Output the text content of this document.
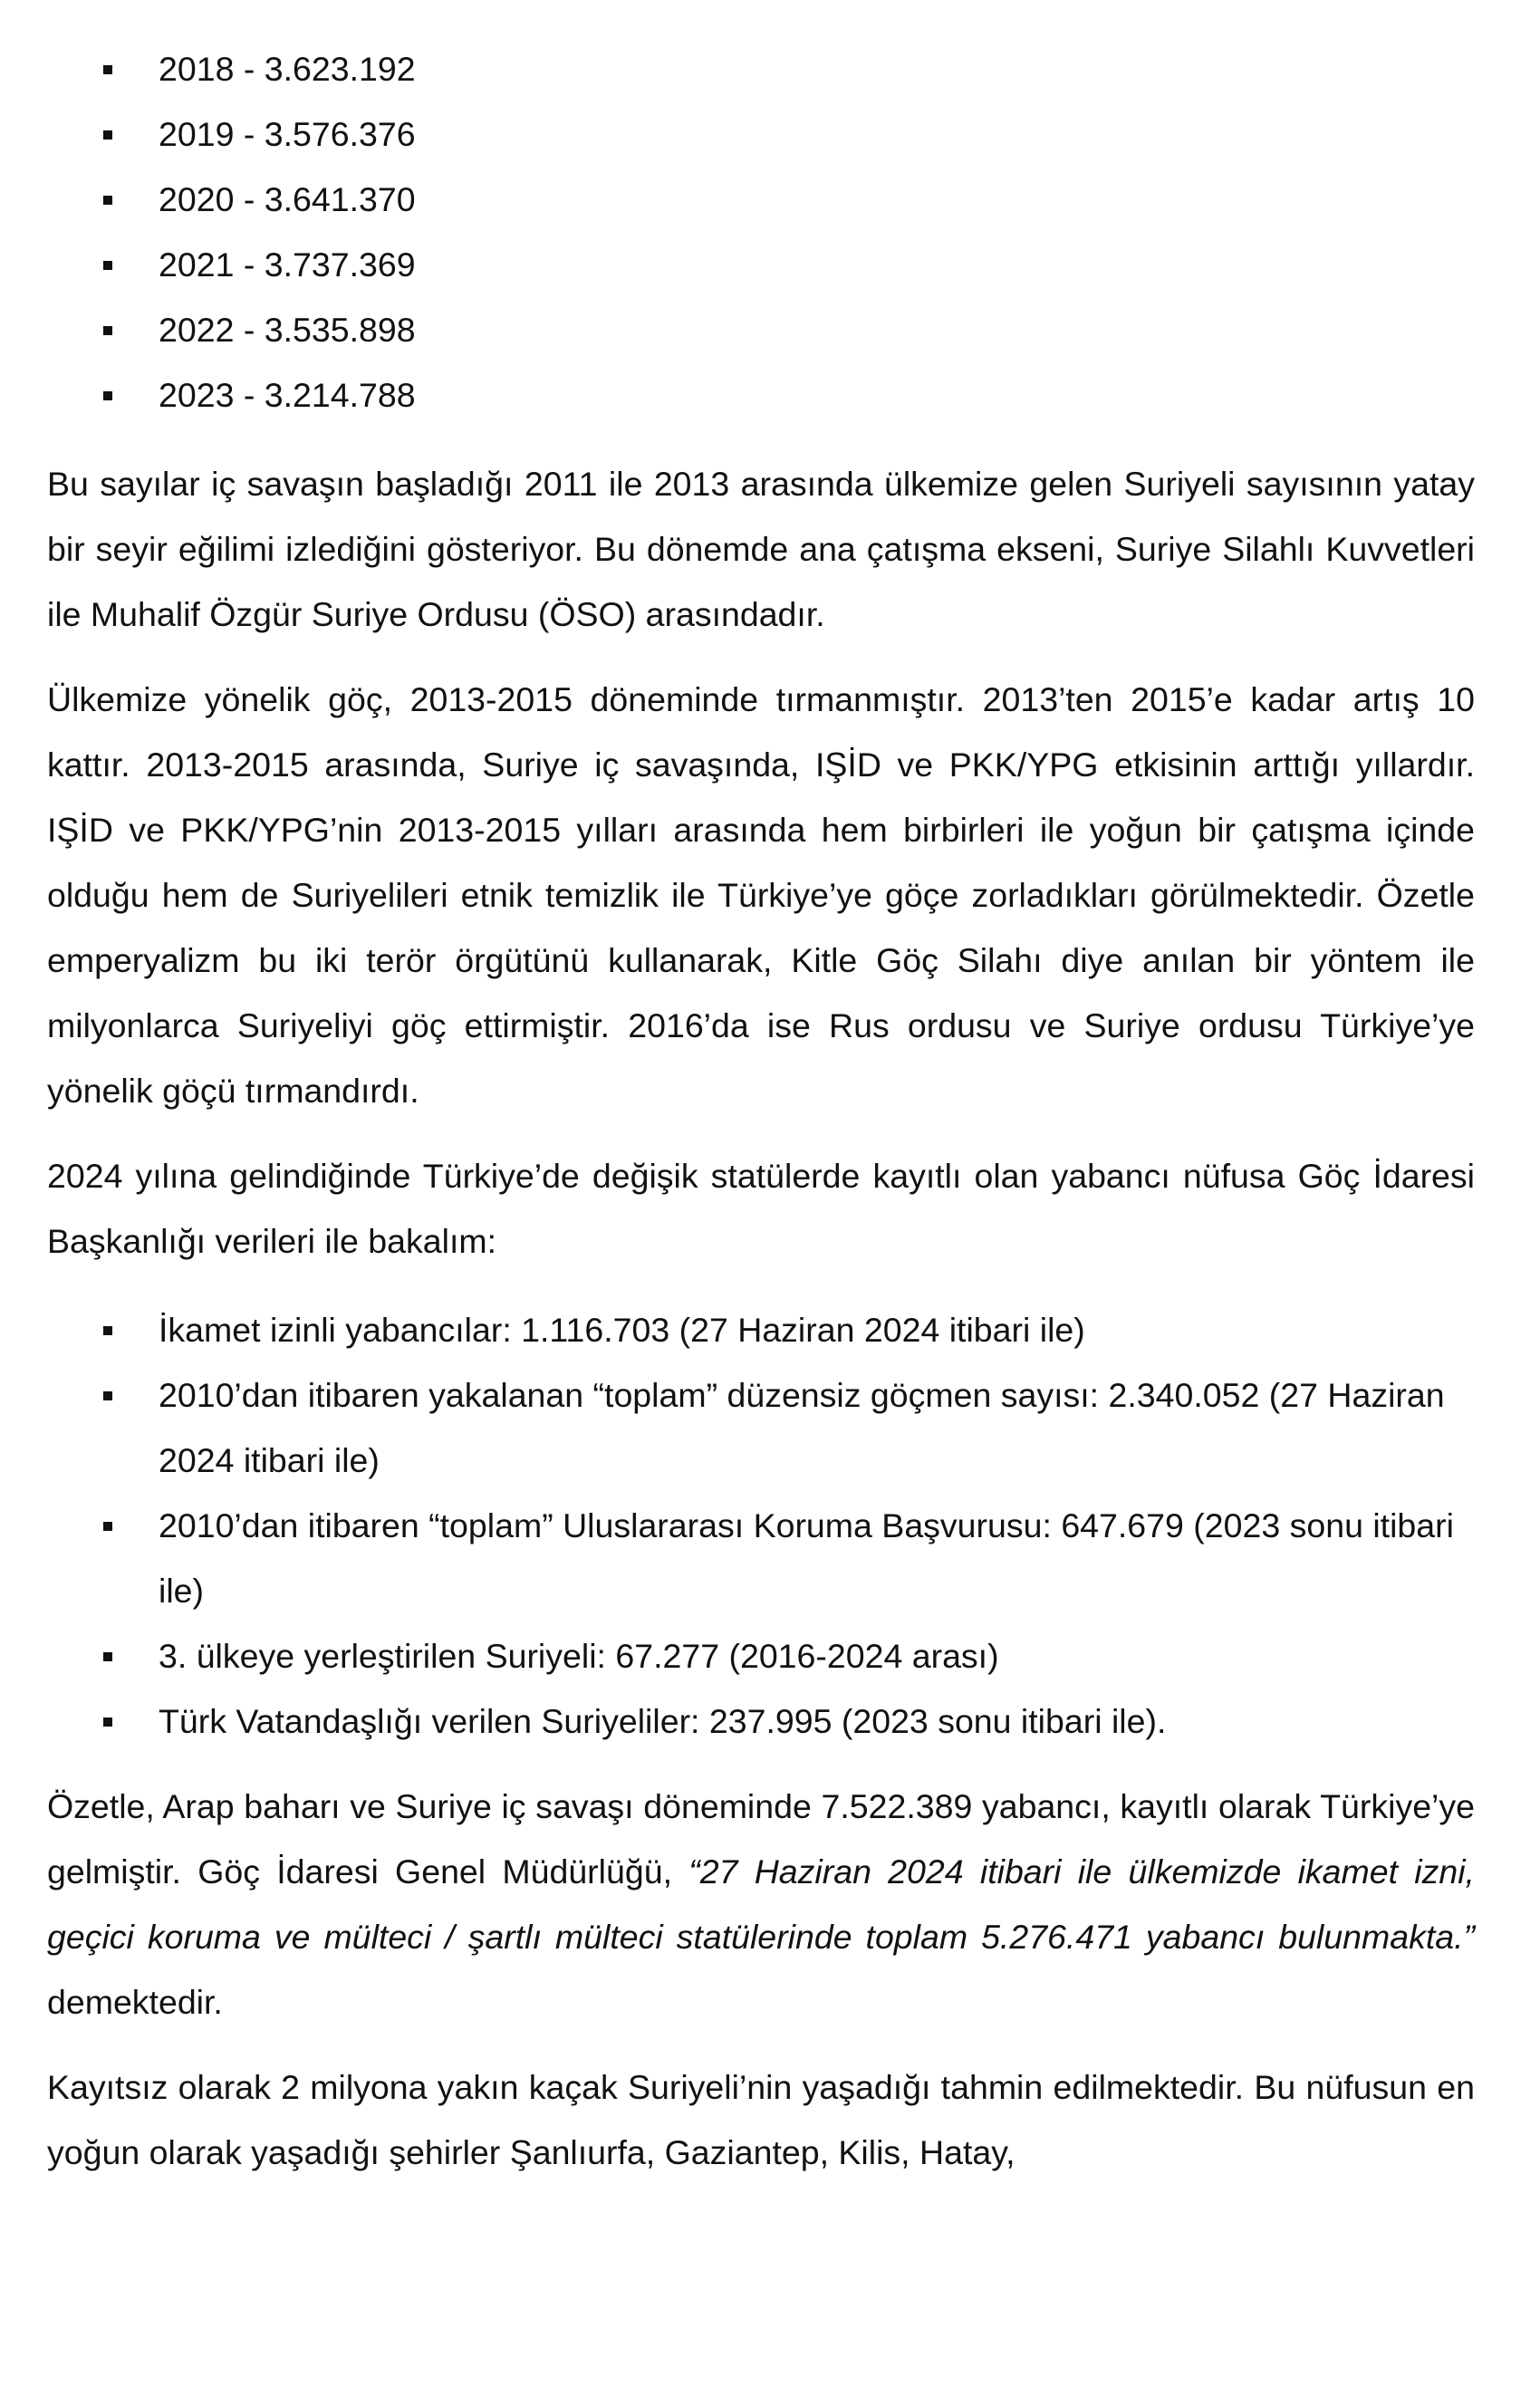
2018 - 3.623.192
2019 - 3.576.376
2020 - 3.641.370
2021 - 3.737.369
2022 - 3.535.898
2023 - 3.214.788

Bu sayılar iç savaşın başladığı 2011 ile 2013 arasında ülkemize gelen Suriyeli sayısının yatay bir seyir eğilimi izlediğini gösteriyor. Bu dönemde ana çatışma ekseni, Suriye Silahlı Kuvvetleri ile Muhalif Özgür Suriye Ordusu (ÖSO) arasındadır.

Ülkemize yönelik göç, 2013-2015 döneminde tırmanmıştır. 2013’ten 2015’e kadar artış 10 kattır. 2013-2015 arasında, Suriye iç savaşında, IŞİD ve PKK/YPG etkisinin arttığı yıllardır. IŞİD ve PKK/YPG’nin 2013-2015 yılları arasında hem birbirleri ile yoğun bir çatışma içinde olduğu hem de Suriyelileri etnik temizlik ile Türkiye’ye göçe zorladıkları görülmektedir. Özetle emperyalizm bu iki terör örgütünü kullanarak, Kitle Göç Silahı diye anılan bir yöntem ile milyonlarca Suriyeliyi göç ettirmiştir. 2016’da ise Rus ordusu ve Suriye ordusu Türkiye’ye yönelik göçü tırmandırdı.

2024 yılına gelindiğinde Türkiye’de değişik statülerde kayıtlı olan yabancı nüfusa Göç İdaresi Başkanlığı verileri ile bakalım:

İkamet izinli yabancılar: 1.116.703 (27 Haziran 2024 itibari ile)
2010’dan itibaren yakalanan “toplam” düzensiz göçmen sayısı: 2.340.052 (27 Haziran 2024 itibari ile)
2010’dan itibaren “toplam” Uluslararası Koruma Başvurusu: 647.679 (2023 sonu itibari ile)
3. ülkeye yerleştirilen Suriyeli: 67.277 (2016-2024 arası)
Türk Vatandaşlığı verilen Suriyeliler: 237.995 (2023 sonu itibari ile).

Özetle, Arap baharı ve Suriye iç savaşı döneminde 7.522.389 yabancı, kayıtlı olarak Türkiye’ye gelmiştir. Göç İdaresi Genel Müdürlüğü, “27 Haziran 2024 itibari ile ülkemizde ikamet izni, geçici koruma ve mülteci / şartlı mülteci statülerinde toplam 5.276.471 yabancı bulunmakta.” demektedir.

Kayıtsız olarak 2 milyona yakın kaçak Suriyeli’nin yaşadığı tahmin edilmektedir. Bu nüfusun en yoğun olarak yaşadığı şehirler Şanlıurfa, Gaziantep, Kilis, Hatay,
